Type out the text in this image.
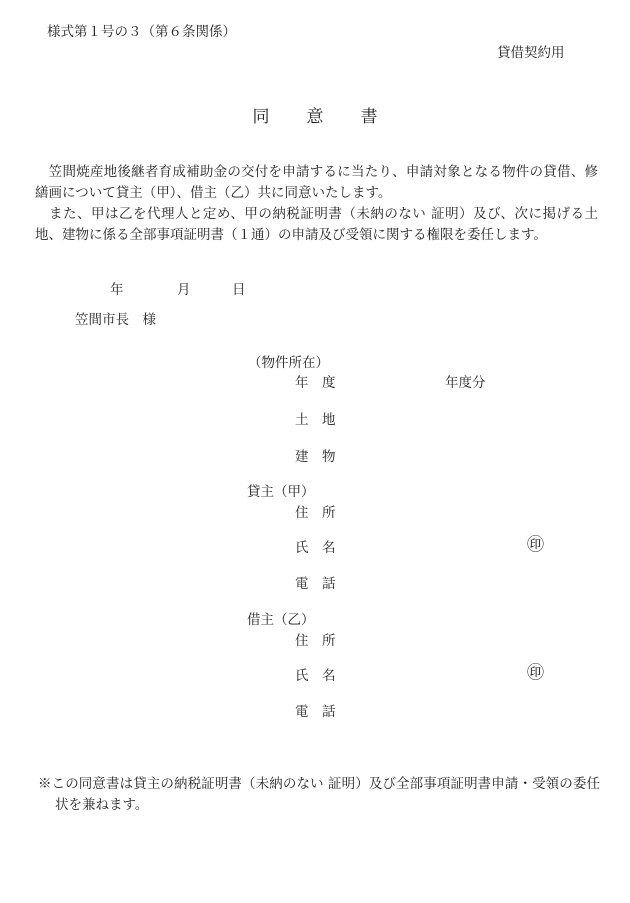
様式第１号の３（第６条関係）
貸借契約用
同　意　書

　笠間焼産地後継者育成補助金の交付を申請するに当たり、申請対象となる物件の貸借、修繕画について貸主（甲）、借主（乙）共に同意いたします。

　また、甲は乙を代理人と定め、甲の納税証明書（未納のない 証明）及び、次に掲げる土地、建物に係る全部事項証明書（１通）の申請及び受領に関する権限を委任します。

年	月	日
笠間市長　様
（物件所在）
年　度	年度分
土　地
建　物
貸主（甲）
住　所
氏　名	㊞
電　話
借主（乙）
住　所
氏　名	㊞
電　話
※この同意書は貸主の納税証明書（未納のない 証明）及び全部事項証明書申請・受領の委任状を兼ねます。
